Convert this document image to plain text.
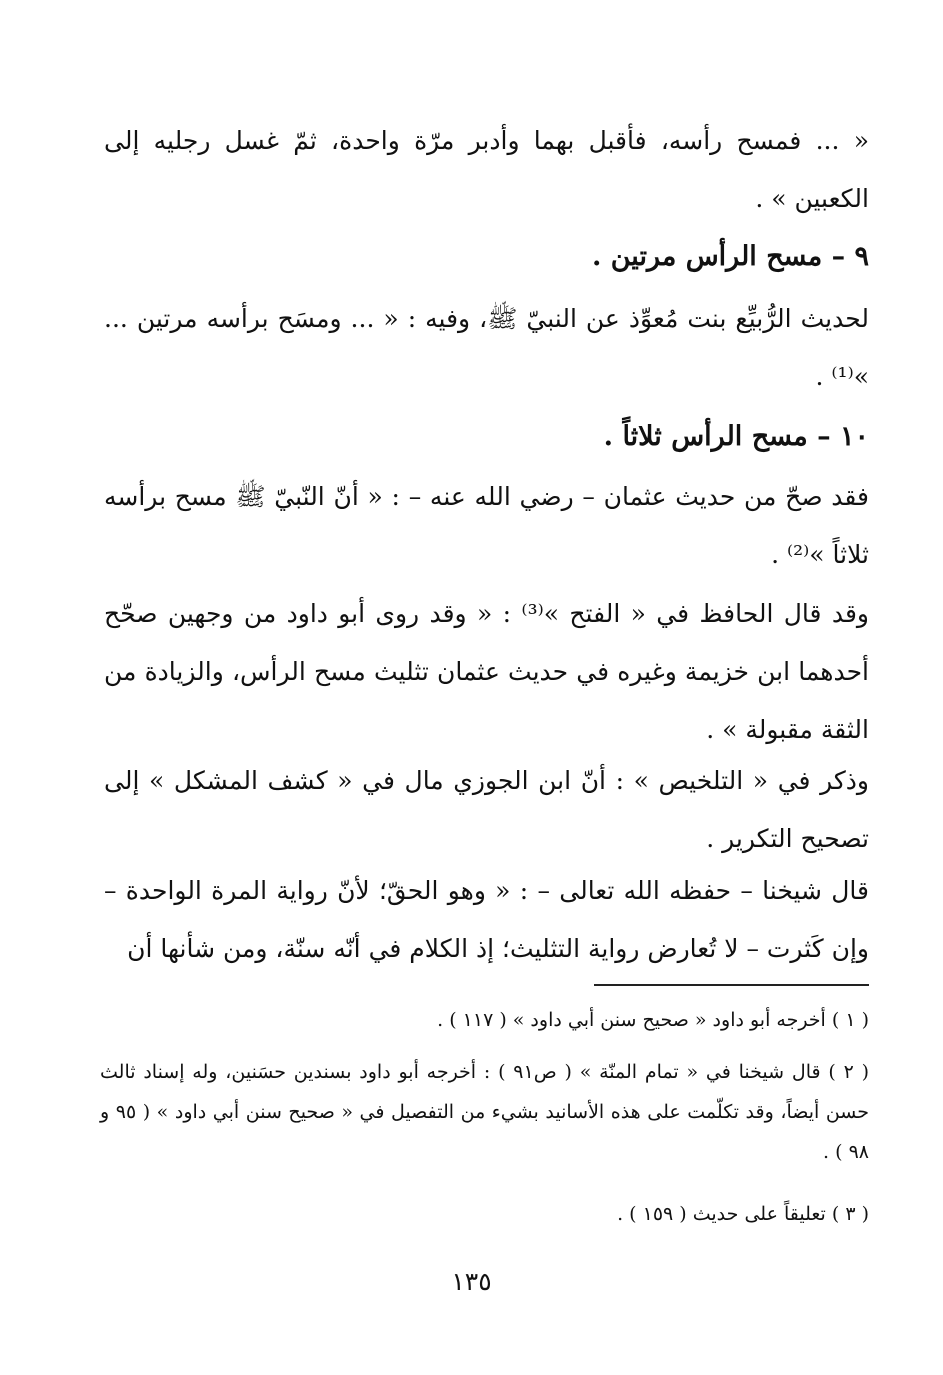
« ... فمسح رأسه، فأقبل بهما وأدبر مرّة واحدة، ثمّ غسل رجليه إلى الكعبين » .
٩ – مسح الرأس مرتين .
لحديث الرُّبيِّع بنت مُعوِّذ عن النبيّ ﷺ، وفيه : « ... ومسَح برأسه مرتين ... »⁽¹⁾ .
١٠ – مسح الرأس ثلاثاً .
فقد صحّ من حديث عثمان – رضي الله عنه – : « أنّ النّبيّ ﷺ مسح برأسه ثلاثاً »⁽²⁾ .
وقد قال الحافظ في « الفتح »⁽³⁾ : « وقد روى أبو داود من وجهين صحّح أحدهما ابن خزيمة وغيره في حديث عثمان تثليث مسح الرأس، والزيادة من الثقة مقبولة » .
وذكر في « التلخيص » : أنّ ابن الجوزي مال في « كشف المشكل » إلى تصحيح التكرير .
قال شيخنا – حفظه الله تعالى – : « وهو الحقّ؛ لأنّ رواية المرة الواحدة – وإن كَثرت – لا تُعارض رواية التثليث؛ إذ الكلام في أنّه سنّة، ومن شأنها أن
( ١ ) أخرجه أبو داود « صحيح سنن أبي داود » ( ١١٧ ) .
( ٢ ) قال شيخنا في « تمام المنّة » ( ص٩١ ) : أخرجه أبو داود بسندين حسَنين، وله إسناد ثالث حسن أيضاً، وقد تكلّمت على هذه الأسانيد بشيء من التفصيل في « صحيح سنن أبي داود » ( ٩٥ و ٩٨ ) .
( ٣ ) تعليقاً على حديث ( ١٥٩ ) .
١٣٥
